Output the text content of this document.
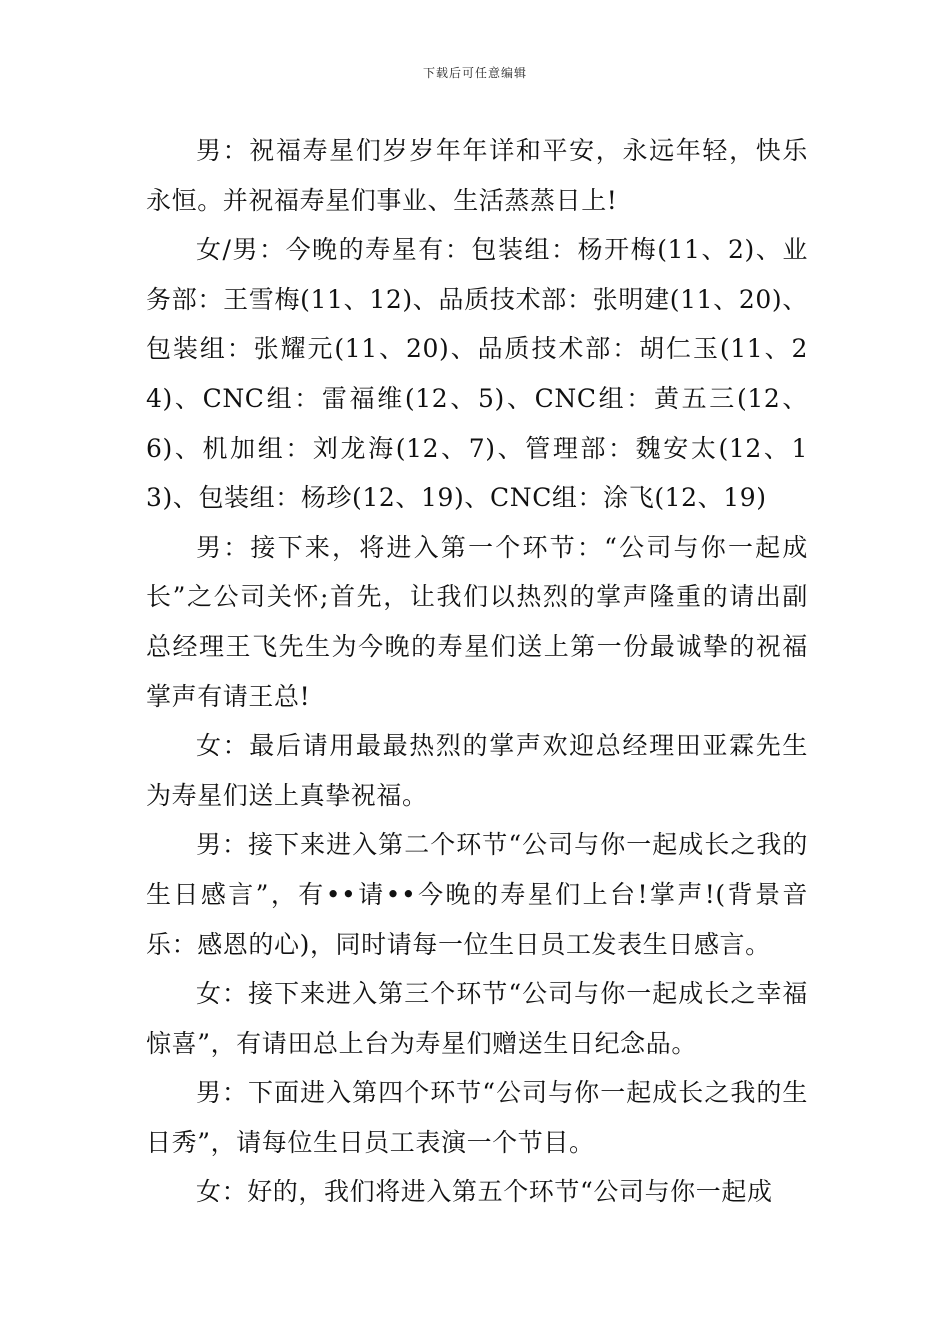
下载后可任意编辑

男：祝福寿星们岁岁年年详和平安，永远年轻，快乐永恒。并祝福寿星们事业、生活蒸蒸日上!

女/男：今晚的寿星有：包装组：杨开梅(11、2)、业务部：王雪梅(11、12)、品质技术部：张明建(11、20)、包装组：张耀元(11、20)、品质技术部：胡仁玉(11、24)、CNC组：雷福维(12、5)、CNC组：黄五三(12、6)、机加组：刘龙海(12、7)、管理部：魏安太(12、13)、包装组：杨珍(12、19)、CNC组：涂飞(12、19)

男：接下来，将进入第一个环节：“公司与你一起成长”之公司关怀;首先，让我们以热烈的掌声隆重的请出副总经理王飞先生为今晚的寿星们送上第一份最诚挚的祝福掌声有请王总!

女：最后请用最最热烈的掌声欢迎总经理田亚霖先生为寿星们送上真挚祝福。

男：接下来进入第二个环节“公司与你一起成长之我的生日感言”，有••请••今晚的寿星们上台!掌声!(背景音乐：感恩的心)，同时请每一位生日员工发表生日感言。

女：接下来进入第三个环节“公司与你一起成长之幸福惊喜”，有请田总上台为寿星们赠送生日纪念品。

男：下面进入第四个环节“公司与你一起成长之我的生日秀”，请每位生日员工表演一个节目。

女：好的，我们将进入第五个环节“公司与你一起成
